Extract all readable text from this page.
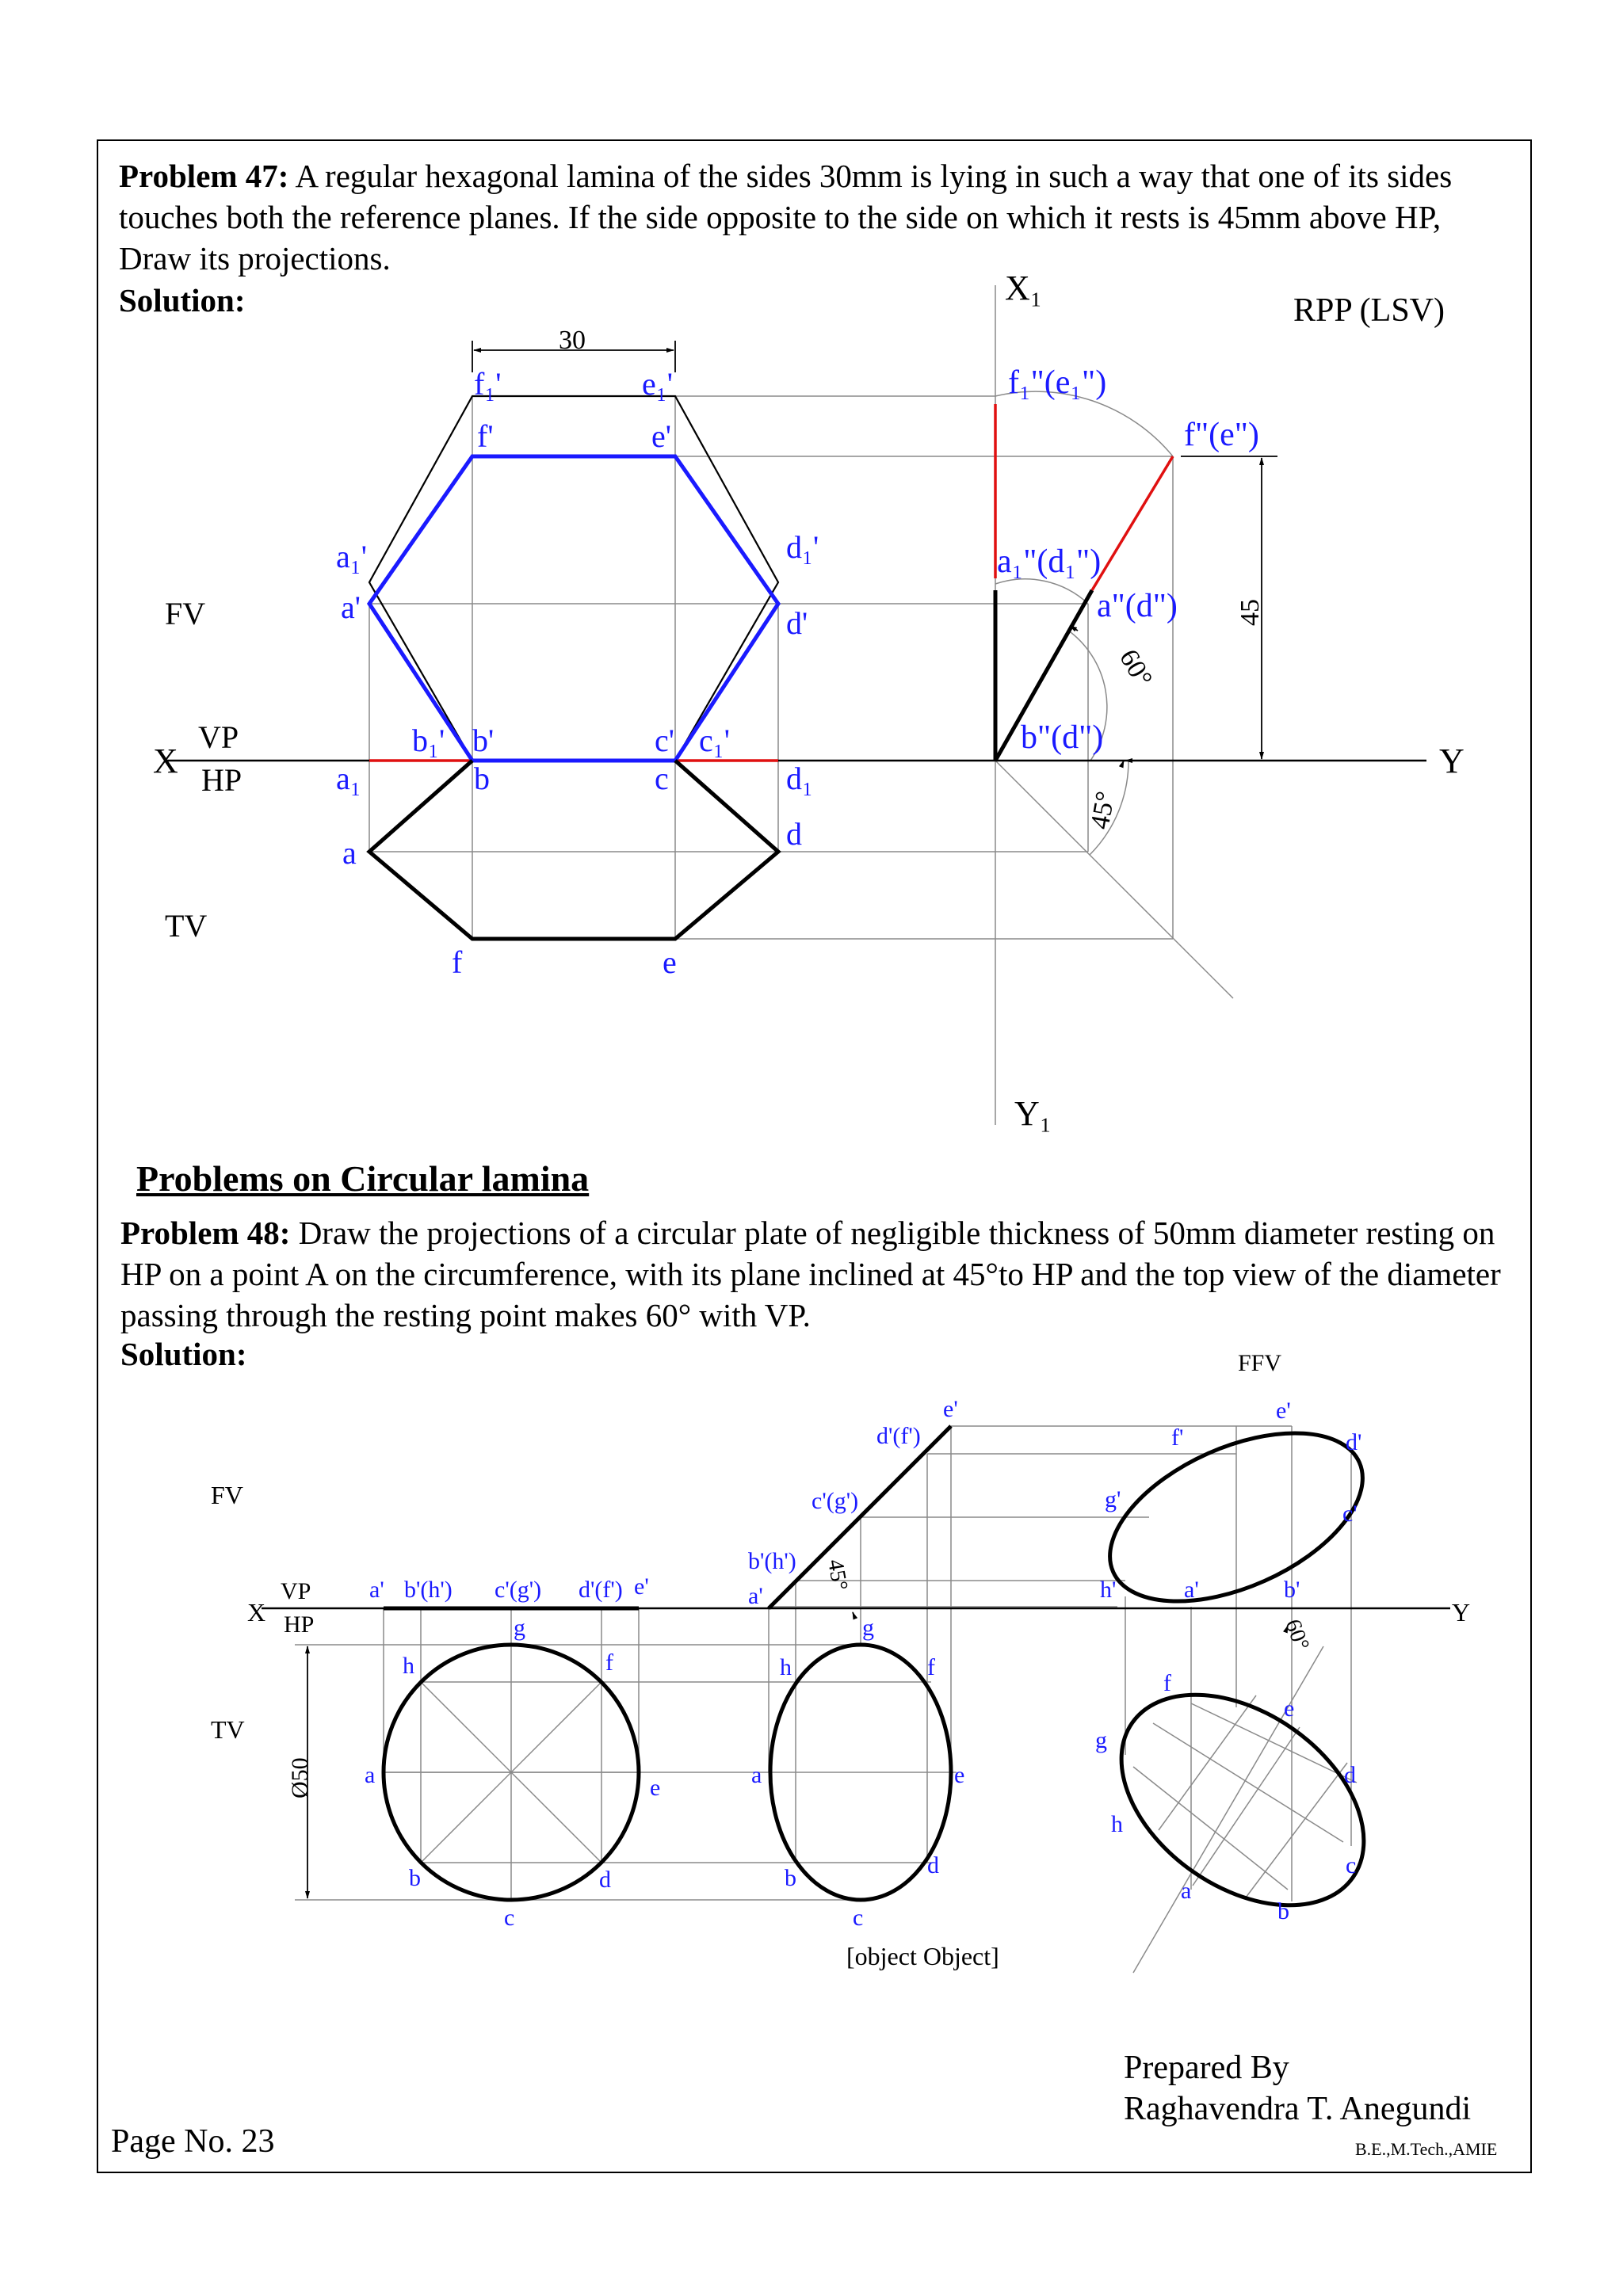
Problem 47: A regular hexagonal lamina of the sides 30mm is lying in such a way that one of its sides touches both the reference planes. If the side opposite to the side on which it rests is 45mm above HP, Draw its projections.

Solution:

Problems on Circular lamina

Problem 48: Draw the projections of a circular plate of negligible thickness of 50mm diameter resting on HP on a point A on the circumference, with its plane inclined at 45°to HP and the top view of the diameter passing through the resting point makes 60° with VP.

Solution:

Page No. 23

Prepared By

Raghavendra T. Anegundi

B.E.,M.Tech.,AMIE

30
45
60°
45°
X₁
Y₁
RPP (LSV)
X	Y
VP
HP
FV
TV
f₁'	e₁'
f'	e'
a₁'
a'
d₁'
d'
b₁' b'	c' c₁'
a₁	b	c	d₁
a
d
f	e
f₁"(e₁")
f"(e")
a₁"(d₁")
a"(d")
b"(d")
Ø50
45°
60°
X	Y
VP
HP
FV
TV
FFV
[object Object]
a' b'(h') c'(g') d'(f') e'
g
h	f
a	e
b	d
c
e'
d'(f')
c'(g')
b'(h')
a'
g
h	f
a	e
b	d
c
f'
e'
d'
g'
c'
h'	a'	b'
f
e
g
d
h
c
a
b
